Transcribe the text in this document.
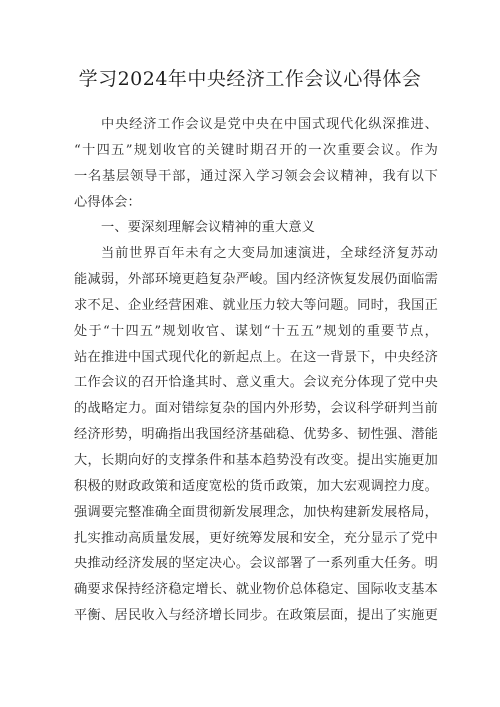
学习2024年中央经济工作会议心得体会
中央经济工作会议是党中央在中国式现代化纵深推进、
“十四五”规划收官的关键时期召开的一次重要会议。作为
一名基层领导干部，通过深入学习领会会议精神，我有以下
心得体会：
一、要深刻理解会议精神的重大意义
当前世界百年未有之大变局加速演进，全球经济复苏动
能减弱，外部环境更趋复杂严峻。国内经济恢复发展仍面临需
求不足、企业经营困难、就业压力较大等问题。同时，我国正
处于“十四五”规划收官、谋划“十五五”规划的重要节点，
站在推进中国式现代化的新起点上。在这一背景下，中央经济
工作会议的召开恰逢其时、意义重大。会议充分体现了党中央
的战略定力。面对错综复杂的国内外形势，会议科学研判当前
经济形势，明确指出我国经济基础稳、优势多、韧性强、潜能
大，长期向好的支撑条件和基本趋势没有改变。提出实施更加
积极的财政政策和适度宽松的货币政策，加大宏观调控力度。
强调要完整准确全面贯彻新发展理念，加快构建新发展格局，
扎实推动高质量发展，更好统筹发展和安全，充分显示了党中
央推动经济发展的坚定决心。会议部署了一系列重大任务。明
确要求保持经济稳定增长、就业物价总体稳定、国际收支基本
平衡、居民收入与经济增长同步。在政策层面，提出了实施更
